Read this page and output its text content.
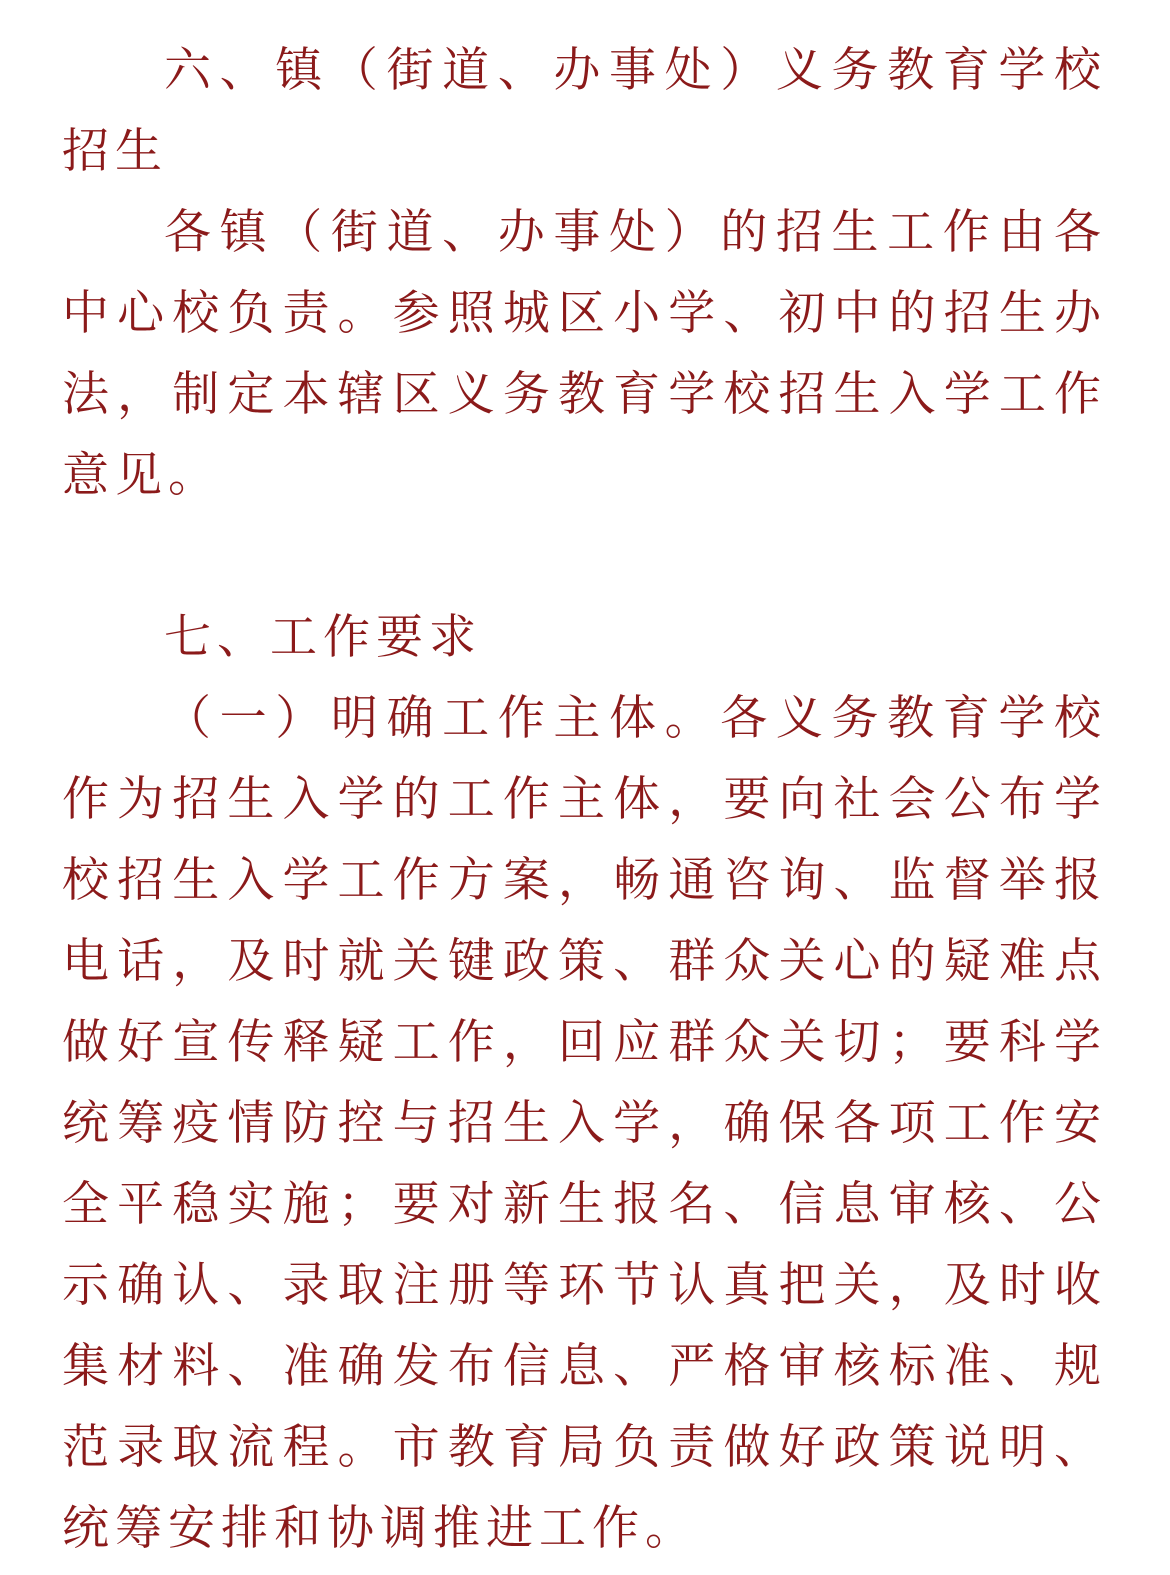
六、镇（街道、办事处）义务教育学校招生

各镇（街道、办事处）的招生工作由各中心校负责。参照城区小学、初中的招生办法，制定本辖区义务教育学校招生入学工作意见。

七、工作要求

（一）明确工作主体。各义务教育学校作为招生入学的工作主体，要向社会公布学校招生入学工作方案，畅通咨询、监督举报电话，及时就关键政策、群众关心的疑难点做好宣传释疑工作，回应群众关切；要科学统筹疫情防控与招生入学，确保各项工作安全平稳实施；要对新生报名、信息审核、公示确认、录取注册等环节认真把关，及时收集材料、准确发布信息、严格审核标准、规范录取流程。市教育局负责做好政策说明、统筹安排和协调推进工作。
